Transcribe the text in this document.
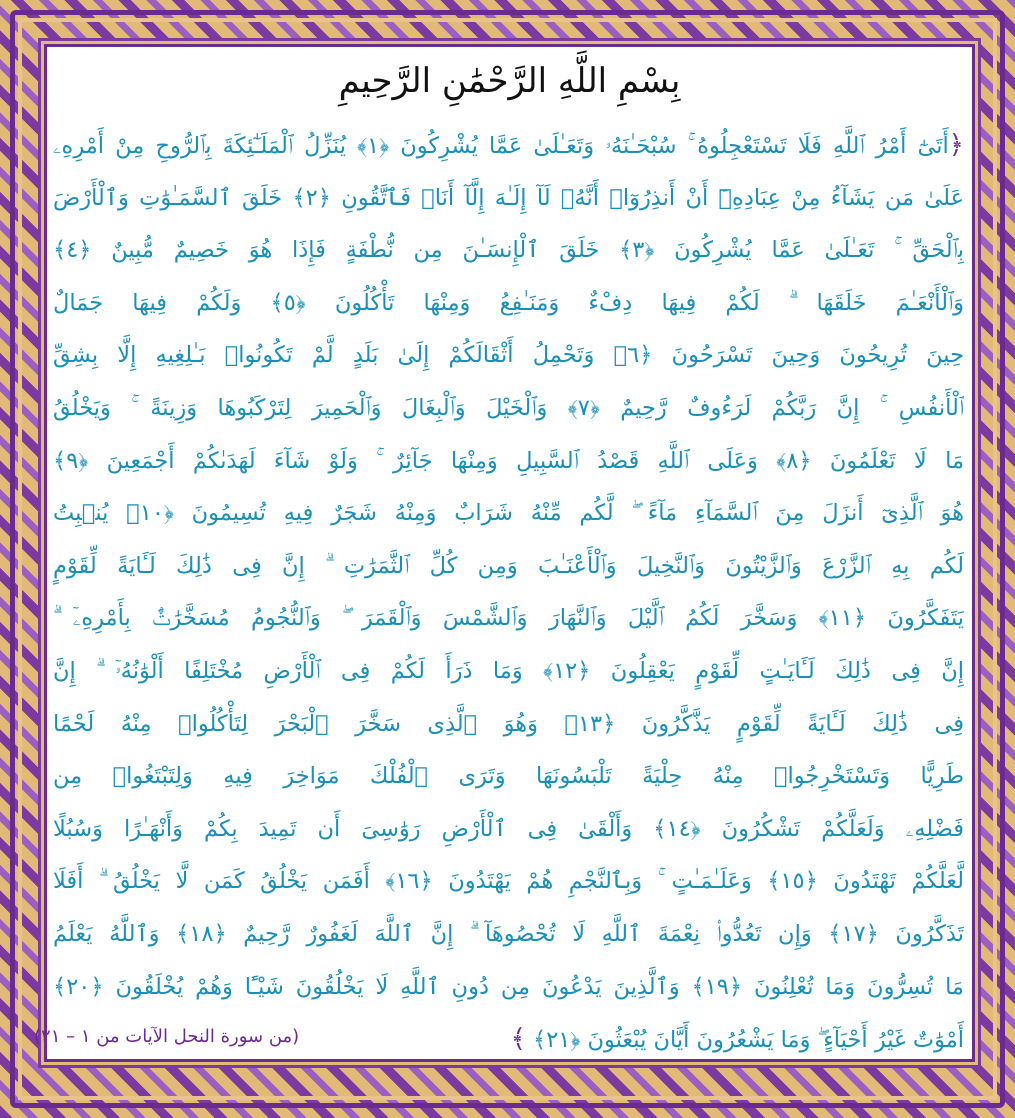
بِسْمِ اللَّهِ الرَّحْمَٰنِ الرَّحِيمِ
﴿أَتَىٰٓ أَمْرُ ٱللَّهِ فَلَا تَسْتَعْجِلُوهُ ۚ سُبْحَـٰنَهُۥ وَتَعَـٰلَىٰ عَمَّا يُشْرِكُونَ ﴿١﴾ يُنَزِّلُ ٱلْمَلَـٰٓئِكَةَ بِٱلرُّوحِ مِنْ أَمْرِهِۦ
عَلَىٰ مَن يَشَآءُ مِنْ عِبَادِهِۦٓ أَنْ أَنذِرُوٓا۟ أَنَّهُۥ لَآ إِلَـٰهَ إِلَّآ أَنَا۠ فَٱتَّقُونِ ﴿٢﴾ خَلَقَ ٱلسَّمَـٰوَٰتِ وَٱلْأَرْضَ
بِٱلْحَقِّ ۚ تَعَـٰلَىٰ عَمَّا يُشْرِكُونَ ﴿٣﴾ خَلَقَ ٱلْإِنسَـٰنَ مِن نُّطْفَةٍ فَإِذَا هُوَ خَصِيمٌ مُّبِينٌ ﴿٤﴾
وَٱلْأَنْعَـٰمَ خَلَقَهَا ۗ لَكُمْ فِيهَا دِفْءٌ وَمَنَـٰفِعُ وَمِنْهَا تَأْكُلُونَ ﴿٥﴾ وَلَكُمْ فِيهَا جَمَالٌ
حِينَ تُرِيحُونَ وَحِينَ تَسْرَحُونَ ﴿٦﴾ وَتَحْمِلُ أَثْقَالَكُمْ إِلَىٰ بَلَدٍ لَّمْ تَكُونُوا۟ بَـٰلِغِيهِ إِلَّا بِشِقِّ
ٱلْأَنفُسِ ۚ إِنَّ رَبَّكُمْ لَرَءُوفٌ رَّحِيمٌ ﴿٧﴾ وَٱلْخَيْلَ وَٱلْبِغَالَ وَٱلْحَمِيرَ لِتَرْكَبُوهَا وَزِينَةً ۚ وَيَخْلُقُ
مَا لَا تَعْلَمُونَ ﴿٨﴾ وَعَلَى ٱللَّهِ قَصْدُ ٱلسَّبِيلِ وَمِنْهَا جَآئِرٌ ۚ وَلَوْ شَآءَ لَهَدَىٰكُمْ أَجْمَعِينَ ﴿٩﴾
هُوَ ٱلَّذِىٓ أَنزَلَ مِنَ ٱلسَّمَآءِ مَآءً ۖ لَّكُم مِّنْهُ شَرَابٌ وَمِنْهُ شَجَرٌ فِيهِ تُسِيمُونَ ﴿١٠﴾ يُنۢبِتُ
لَكُم بِهِ ٱلزَّرْعَ وَٱلزَّيْتُونَ وَٱلنَّخِيلَ وَٱلْأَعْنَـٰبَ وَمِن كُلِّ ٱلثَّمَرَٰتِ ۗ إِنَّ فِى ذَٰلِكَ لَـَٔايَةً لِّقَوْمٍ
يَتَفَكَّرُونَ ﴿١١﴾ وَسَخَّرَ لَكُمُ ٱلَّيْلَ وَٱلنَّهَارَ وَٱلشَّمْسَ وَٱلْقَمَرَ ۖ وَٱلنُّجُومُ مُسَخَّرَٰتٌۢ بِأَمْرِهِۦٓ ۗ
إِنَّ فِى ذَٰلِكَ لَـَٔايَـٰتٍ لِّقَوْمٍ يَعْقِلُونَ ﴿١٢﴾ وَمَا ذَرَأَ لَكُمْ فِى ٱلْأَرْضِ مُخْتَلِفًا أَلْوَٰنُهُۥٓ ۗ إِنَّ
فِى ذَٰلِكَ لَـَٔايَةً لِّقَوْمٍ يَذَّكَّرُونَ ﴿١٣﴾ وَهُوَ ٱلَّذِى سَخَّرَ ٱلْبَحْرَ لِتَأْكُلُوا۟ مِنْهُ لَحْمًا
طَرِيًّا وَتَسْتَخْرِجُوا۟ مِنْهُ حِلْيَةً تَلْبَسُونَهَا وَتَرَى ٱلْفُلْكَ مَوَاخِرَ فِيهِ وَلِتَبْتَغُوا۟ مِن
فَضْلِهِۦ وَلَعَلَّكُمْ تَشْكُرُونَ ﴿١٤﴾ وَأَلْقَىٰ فِى ٱلْأَرْضِ رَوَٰسِىَ أَن تَمِيدَ بِكُمْ وَأَنْهَـٰرًا وَسُبُلًا
لَّعَلَّكُمْ تَهْتَدُونَ ﴿١٥﴾ وَعَلَـٰمَـٰتٍ ۚ وَبِٱلنَّجْمِ هُمْ يَهْتَدُونَ ﴿١٦﴾ أَفَمَن يَخْلُقُ كَمَن لَّا يَخْلُقُ ۗ أَفَلَا
تَذَكَّرُونَ ﴿١٧﴾ وَإِن تَعُدُّوا۟ نِعْمَةَ ٱللَّهِ لَا تُحْصُوهَآ ۗ إِنَّ ٱللَّهَ لَغَفُورٌ رَّحِيمٌ ﴿١٨﴾ وَٱللَّهُ يَعْلَمُ
مَا تُسِرُّونَ وَمَا تُعْلِنُونَ ﴿١٩﴾ وَٱلَّذِينَ يَدْعُونَ مِن دُونِ ٱللَّهِ لَا يَخْلُقُونَ شَيْـًٔا وَهُمْ يُخْلَقُونَ ﴿٢٠﴾
أَمْوَٰتٌ غَيْرُ أَحْيَآءٍ ۖ وَمَا يَشْعُرُونَ أَيَّانَ يُبْعَثُونَ ﴿٢١﴾ ﴾
(من سورة النحل الآيات من ١ – ٢١)
